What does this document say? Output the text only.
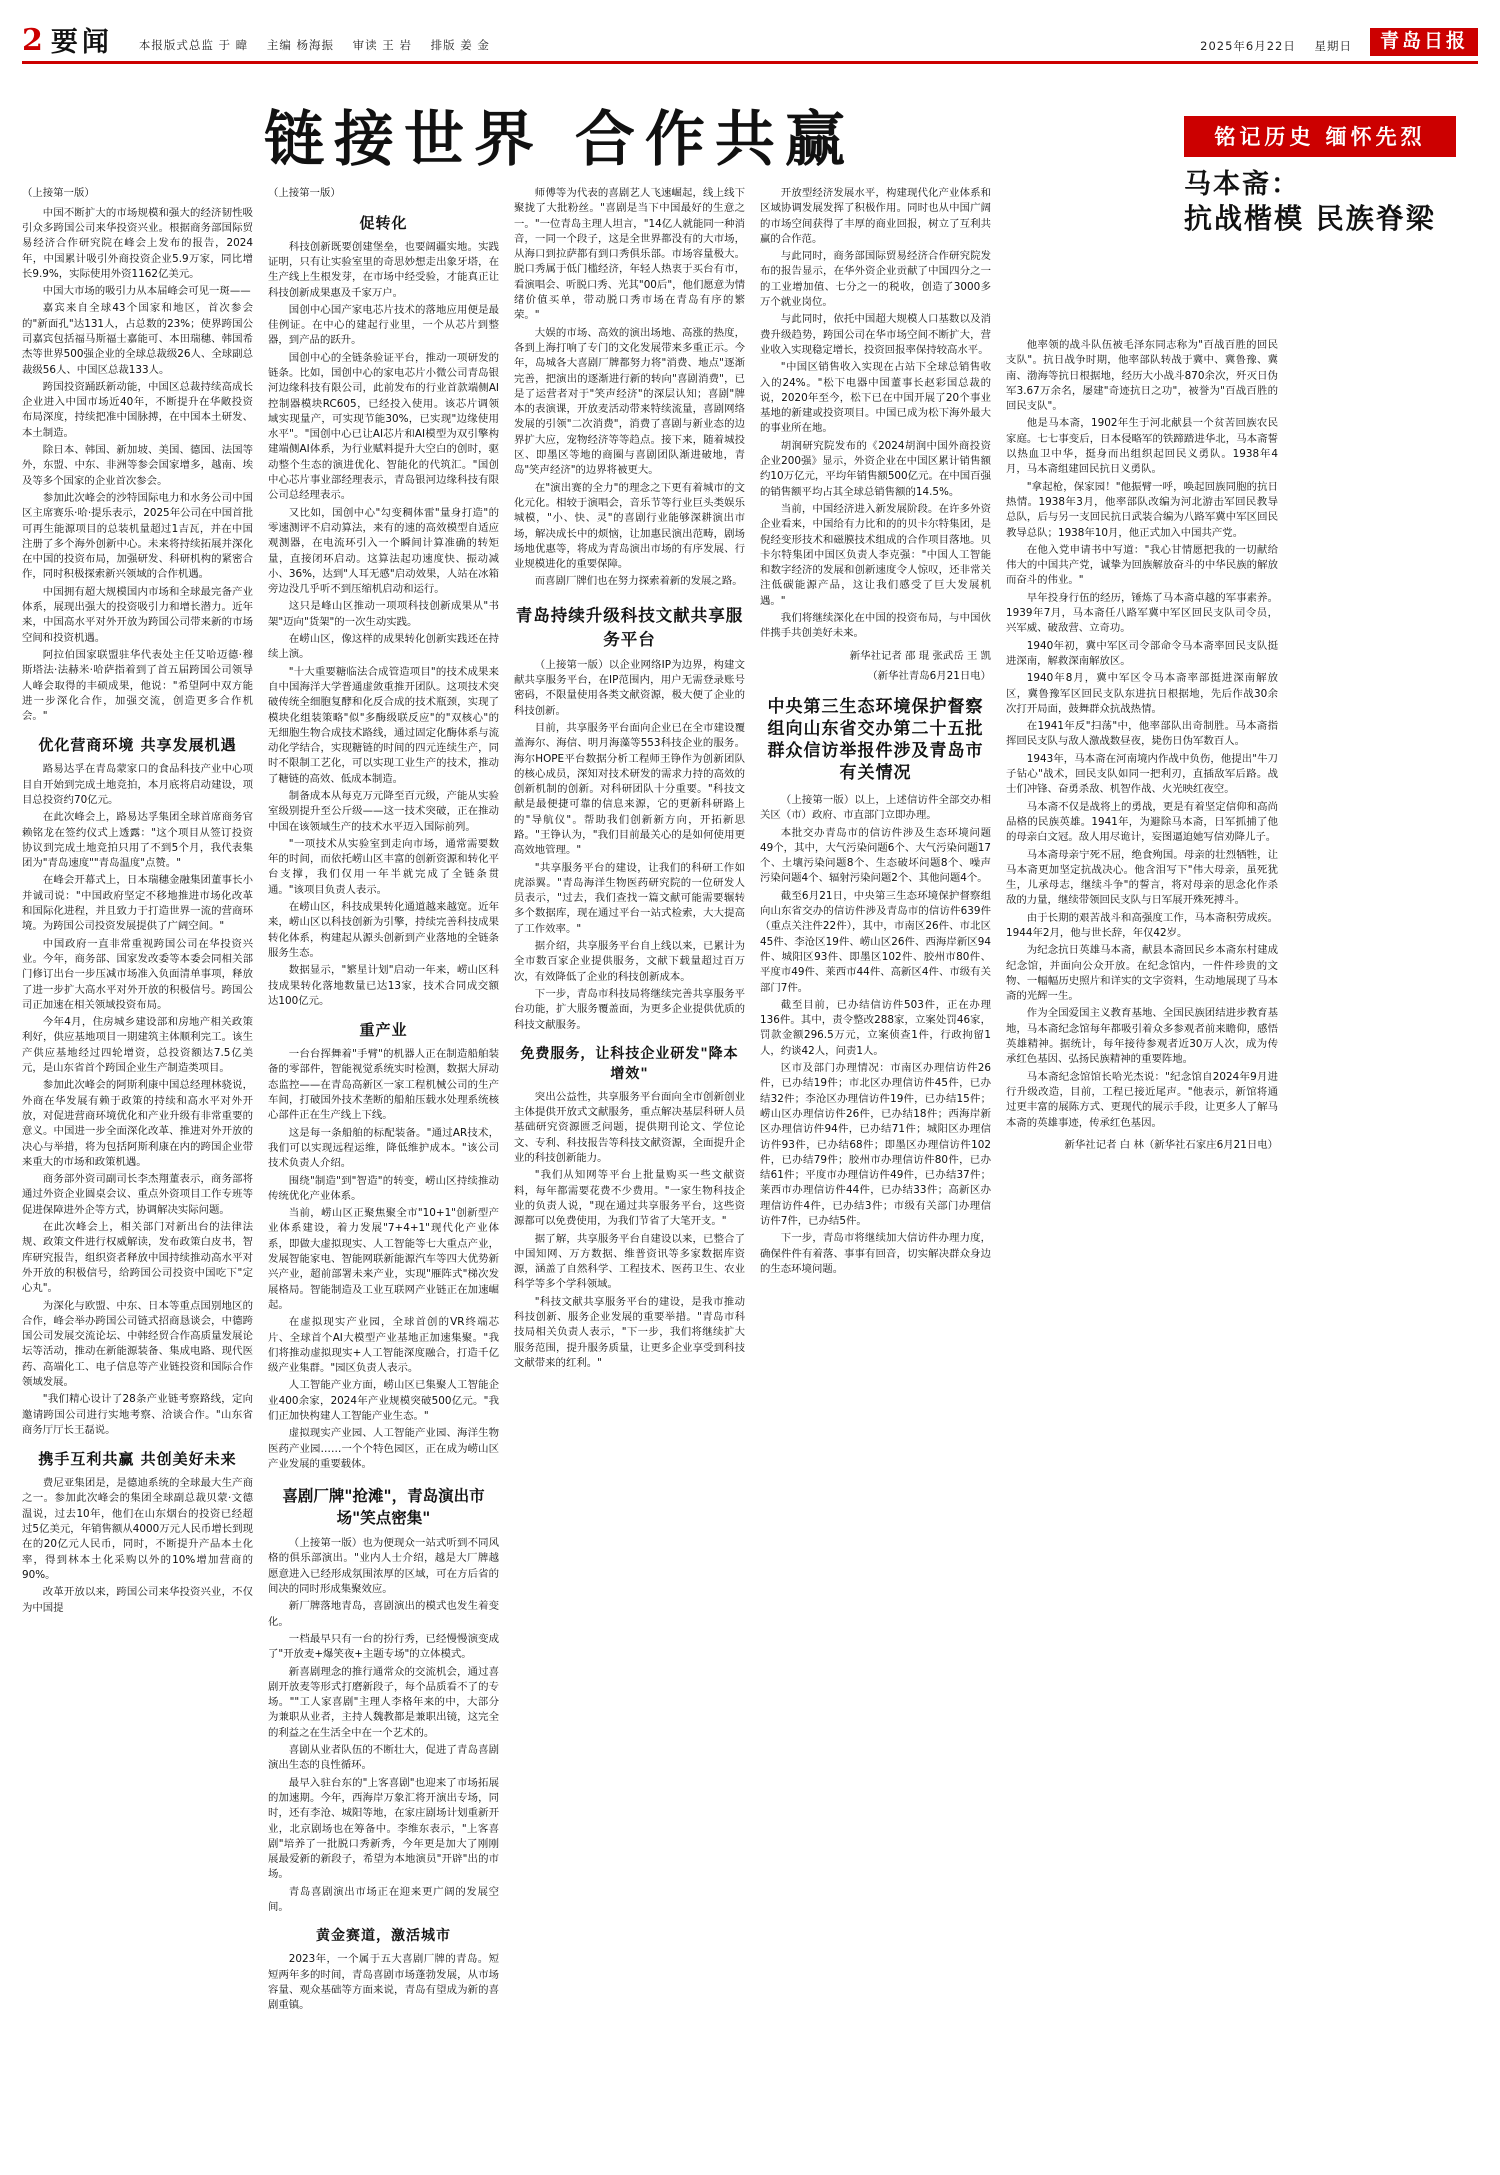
2 要闻 本报版式总监 于 暐 主编 杨海振 审读 王 岩 排版 姜 金	2025年6月22日 星期日	青岛日报
链接世界 合作共赢	铭记历史 缅怀先烈
马本斋：
抗战楷模 民族脊梁
（上接第一版）

中国不断扩大的市场规模和强大的经济韧性吸引众多跨国公司来华投资兴业。根据商务部国际贸易经济合作研究院在峰会上发布的报告，2024年，中国累计吸引外商投资企业5.9万家，同比增长9.9%，实际使用外资1162亿美元。

中国大市场的吸引力从本届峰会可见一斑——

嘉宾来自全球43个国家和地区，首次参会的"新面孔"达131人，占总数的23%；使界跨国公司嘉宾包括福马斯福士嘉能可、本田瑞穗、韩国希杰等世界500强企业的全球总裁级26人、全球副总裁级56人、中国区总裁133人。

跨国投资踊跃新动能，中国区总裁持续高成长企业进入中国市场近40年，不断提升在华敞投资布局深度，持续把准中国脉搏，在中国本土研发、本土制造。

除日本、韩国、新加坡、美国、德国、法国等外，东盟、中东、非洲等参会国家增多，越南、埃及等多个国家的企业首次参会。

参加此次峰会的沙特国际电力和水务公司中国区主席赛乐·哈·提乐表示，2025年公司在中国首批可再生能源项目的总装机量超过1吉瓦，并在中国注册了多个海外创新中心。未来将持续拓展并深化在中国的投资布局，加强研发、科研机构的紧密合作，同时积极探索新兴领域的合作机遇。

中国拥有超大规模国内市场和全球最完备产业体系，展现出强大的投资吸引力和增长潜力。近年来，中国高水平对外开放为跨国公司带来新的市场空间和投资机遇。

阿拉伯国家联盟驻华代表处主任艾哈迈德·穆斯塔法·法赫米·哈萨指着到了首五届跨国公司领导人峰会取得的丰硕成果，他说："希望阿中双方能进一步深化合作，加强交流，创造更多合作机会。"

优化营商环境 共享发展机遇

路易达孚在青岛蒙家口的食品科技产业中心项目自开始到完成土地竞拍，本月底将启动建设，项目总投资约70亿元。

在此次峰会上，路易达孚集团全球首席商务官赖铭龙在签约仪式上透露："这个项目从签订投资协议到完成土地竞拍只用了不到5个月，我代表集团为"青岛速度""青岛温度"点赞。"

在峰会开幕式上，日本瑞穗金融集团董事长小并诚司说："中国政府坚定不移地推进市场化改革和国际化进程，并且致力于打造世界一流的营商环境。为跨国公司投资发展提供了广阔空间。"

中国政府一直非常重视跨国公司在华投资兴业。今年，商务部、国家发改委等本委会同相关部门修订出台一步压减市场准入负面清单事项，释放了进一步扩大高水平对外开放的积极信号。跨国公司正加速在相关领域投资布局。

今年4月，住房城乡建设部和房地产相关政策利好，供应基地项目一期建筑主体顺利完工。该生产供应基地经过四轮增资，总投资额达7.5亿美元，是山东省首个跨国企业生产制造类项目。

参加此次峰会的阿斯利康中国总经理林骁说，外商在华发展有赖于政策的持续和高水平对外开放，对促进营商环境优化和产业升级有非常重要的意义。中国进一步全面深化改革、推进对外开放的决心与举措，将为包括阿斯利康在内的跨国企业带来重大的市场和政策机遇。

商务部外资司副司长李杰翔董表示，商务部将通过外资企业圆桌会议、重点外资项目工作专班等促进保障进外企等方式，协调解决实际问题。

在此次峰会上，相关部门对新出台的法律法规、政策文件进行权威解读，发布政策白皮书，智库研究报告，组织资者释放中国持续推动高水平对外开放的积极信号，给跨国公司投资中国吃下"定心丸"。

为深化与欧盟、中东、日本等重点国别地区的合作，峰会举办跨国公司链式招商恳谈会，中德跨国公司发展交流论坛、中韩经贸合作高质量发展论坛等活动，推动在新能源装备、集成电路、现代医药、高端化工、电子信息等产业链投资和国际合作领域发展。

"我们精心设计了28条产业链考察路线，定向邀请跨国公司进行实地考察、洽谈合作。"山东省商务厅厅长王磊说。

携手互利共赢 共创美好未来

费尼亚集团是，是德迪系统的全球最大生产商之一。参加此次峰会的集团全球副总裁贝蒙·文德温说，过去10年，他们在山东烟台的投资已经超过5亿美元，年销售额从4000万元人民币增长到现在的20亿元人民币，同时，不断提升产品本土化率，得到林本土化采购以外的10%增加营商的90%。

改革开放以来，跨国公司来华投资兴业，不仅为中国提

（上接第一版）
促转化

科技创新既要创建堡垒，也要阔疆实地。实践证明，只有让实验室里的奇思妙想走出象牙塔，在生产线上生根发芽，在市场中经受验，才能真正让科技创新成果惠及千家万户。

国创中心国产家电芯片技术的落地应用便是最佳例证。在中心的建起行业里，一个从芯片到整器，到产品的跃升。

国创中心的全链条验证平台，推动一项研发的链条。比如，国创中心的家电芯片小微公司青岛银河边缘科技有限公司，此前发布的行业首款端侧AI控制器模块RC605，已经投入使用。该芯片调领域实现量产，可实现节能30%，已实现"边缘使用水平"。"国创中心已让AI芯片和AI模型为双引擎构建端侧AI体系，为行业赋料提升大空白的创时，驱动整个生态的演进优化、智能化的代筑汇。"国创中心芯片事业部经理表示，青岛银河边缘科技有限公司总经理表示。

又比如，国创中心"勾变稠体雷"量身打造"的零速测评不启动算法，来有的速的高效模型自适应观测器，在电流环引入一个瞬间计算准确的转矩量，直接闭环启动。这算法起功速度快、振动减小、36%，达到"人耳无感"启动效果，人站在冰箱旁边没几乎听不到压缩机启动和运行。

这只是峰山区推动一项项科技创新成果从"书架"迈向"货架"的一次生动实践。

在崂山区，像这样的成果转化创新实践还在持续上演。

"十大重要糖临法合成管造项目"的技术成果来自中国海洋大学普通虚敛重推开团队。这项技术突破传统全细胞复酵和化反合成的技术瓶颈，实现了模块化组装策略"似"多酶级联反应"的"双核心"的无细胞生物合成技术路线，通过固定化酶体系与流动化学结合，实现糖链的时间的四元连续生产，同时不限制工艺化，可以实现工业生产的技术，推动了糖链的高效、低成本制造。

制备成本从每克万元降至百元级，产能从实验室级别提升至公斤级——这一技术突破，正在推动中国在该领域生产的技术水平迈入国际前列。

"一项技术从实验室到走向市场，通常需要数年的时间，而依托崂山区丰富的创新资源和转化平台支撑，我们仅用一年半就完成了全链条贯通。"该项目负责人表示。

在崂山区，科技成果转化通道越来越宽。近年来，崂山区以科技创新为引擎，持续完善科技成果转化体系，构建起从源头创新到产业落地的全链条服务生态。

数据显示，"繁星计划"启动一年来，崂山区科技成果转化落地数量已达13家，技术合同成交额达100亿元。

重产业

一台台挥舞着"手臂"的机器人正在制造船舶装备的零部件，智能视觉系统实时检测，数据大屏动态监控——在青岛高新区一家工程机械公司的生产车间，打破国外技术垄断的船舶压载水处理系统核心部件正在生产线上下线。

这是每一条船舶的标配装备。"通过AR技术，我们可以实现远程运维，降低维护成本。"该公司技术负责人介绍。

围绕"制造"到"智造"的转变，崂山区持续推动传统优化产业体系。

当前，崂山区正聚焦聚全市"10+1"创新型产业体系建设，着力发展"7+4+1"现代化产业体系，即做大虚拟现实、人工智能等七大重点产业，发展智能家电、智能网联新能源汽车等四大优势新兴产业，超前部署未来产业，实现"雁阵式"梯次发展格局。智能制造及工业互联网产业链正在加速崛起。

在虚拟现实产业园，全球首创的VR终端芯片、全球首个AI大模型产业基地正加速集聚。"我们将推动虚拟现实+人工智能深度融合，打造千亿级产业集群。"园区负责人表示。

人工智能产业方面，崂山区已集聚人工智能企业400余家，2024年产业规模突破500亿元。"我们正加快构建人工智能产业生态。"

虚拟现实产业园、人工智能产业园、海洋生物医药产业园……一个个特色园区，正在成为崂山区产业发展的重要载体。

喜剧厂牌"抢滩"，青岛演出市场"笑点密集"

（上接第一版）也为便现众一站式听到不同风格的俱乐部演出。"业内人士介绍，越是大厂牌越愿意进入已经形成氛围浓厚的区域，可在方后省的间决的同时形成集聚效应。

新厂牌落地青岛，喜剧演出的模式也发生着变化。

一档最早只有一台的扮行秀，已经慢慢演变成了"开放麦+爆笑夜+主题专场"的立体模式。

新喜剧理念的推行通常众的交流机会，通过喜剧开放麦等形式打磨新段子，每个品质看不了的专场。""工人家喜剧"主理人李格年来的中，大部分为兼职从业者，主持人魏教都是兼职出镜，这完全的利益之在生活全中在一个艺术的。

喜剧从业者队伍的不断壮大，促进了青岛喜剧演出生态的良性循环。

最早入驻台东的"上客喜剧"也迎来了市场拓展的加速期。今年，西海岸万象汇将开演出专场，同时，还有李沧、城阳等地，在家庄剧场计划重新开业，北京剧场也在筹备中。李维东表示，"上客喜剧"培养了一批脱口秀新秀，今年更是加大了刚刚展最爱新的新段子，希望为本地演员"开辟"出的市场。

青岛喜剧演出市场正在迎来更广阔的发展空间。

黄金赛道，激活城市

2023年，一个属于五大喜剧厂牌的青岛。短短两年多的时间，青岛喜剧市场蓬勃发展，从市场容量、观众基础等方面来说，青岛有望成为新的喜剧重镇。

师傅等为代表的喜剧艺人飞速崛起，线上线下聚拢了大批粉丝。"喜剧是当下中国最好的生意之一。"一位青岛主理人坦言，"14亿人就能同一种消音，一同一个段子，这是全世界都没有的大市场，从海口到拉萨都有到口秀俱乐部。市场容量极大。脱口秀属于低门槛经济，年轻人热衷于买台有市，看演唱会、听脱口秀、光其"00后"，他们愿意为情绪价值买单，带动脱口秀市场在青岛有序的繁荣。"

大娱的市场、高效的演出场地、高涨的热度，各到上海打响了专门的文化发展带来多重正示。今年，岛城各大喜剧厂牌都努力将"消费、地点"逐渐完善，把演出的逐渐进行新的转向"喜剧消费"，已是了运营者对于"笑声经济"的深层认知；喜剧"牌本的表演课，开放麦活动带来特续流量，喜剧网络发展的引领"二次消费"，消费了喜剧与新业态的边界扩大应，宠物经济等等趋点。接下来，随着城投区、即墨区等地的商圈与喜剧团队渐进破地，青岛"笑声经济"的边界将被更大。

在"演出赛的全力"的理念之下更有着城市的文化元化。相较于演唱会，音乐节等行业巨头类娱乐城模，"小、快、灵"的喜剧行业能够深耕演出市场，解决成长中的烦恼，让加惠民演出范畴，剧场场地优惠等，将成为青岛演出市场的有序发展、行业规模进化的重要保障。

而喜剧厂牌们也在努力探索着新的发展之路。

青岛持续升级科技文献共享服务平台

（上接第一版）以企业网络IP为边界，构建文献共享服务平台，在IP范围内，用户无需登录账号密码，不限量使用各类文献资源，极大便了企业的科技创新。

目前，共享服务平台面向企业已在全市建设覆盖海尔、海信、明月海藻等553科技企业的服务。海尔HOPE平台数据分析工程师王铮作为创新团队的核心成员，深知对技术研发的需求力持的高效的创新机制的创新。对科研团队十分重要。"科技文献是最便捷可靠的信息来源，它的更新科研路上的"导航仪"。帮助我们创新新方向，开拓新思路。"王铮认为，"我们目前最关心的是如何使用更高效地管理。"

"共享服务平台的建设，让我们的科研工作如虎添翼。"青岛海洋生物医药研究院的一位研发人员表示，"过去，我们查找一篇文献可能需要辗转多个数据库，现在通过平台一站式检索，大大提高了工作效率。"

据介绍，共享服务平台自上线以来，已累计为全市数百家企业提供服务，文献下载量超过百万次，有效降低了企业的科技创新成本。

下一步，青岛市科技局将继续完善共享服务平台功能，扩大服务覆盖面，为更多企业提供优质的科技文献服务。

免费服务，让科技企业研发"降本增效"

突出公益性，共享服务平台面向全市创新创业主体提供开放式文献服务，重点解决基层科研人员基础研究资源匮乏问题，提供期刊论文、学位论文、专利、科技报告等科技文献资源，全面提升企业的科技创新能力。

"我们从知网等平台上批量购买一些文献资料，每年都需要花费不少费用。"一家生物科技企业的负责人说，"现在通过共享服务平台，这些资源都可以免费使用，为我们节省了大笔开支。"

据了解，共享服务平台自建设以来，已整合了中国知网、万方数据、维普资讯等多家数据库资源，涵盖了自然科学、工程技术、医药卫生、农业科学等多个学科领域。

"科技文献共享服务平台的建设，是我市推动科技创新、服务企业发展的重要举措。"青岛市科技局相关负责人表示，"下一步，我们将继续扩大服务范围，提升服务质量，让更多企业享受到科技文献带来的红利。"

开放型经济发展水平，构建现代化产业体系和区域协调发展发挥了积极作用。同时也从中国广阔的市场空间获得了丰厚的商业回报，树立了互利共赢的合作范。

与此同时，商务部国际贸易经济合作研究院发布的报告显示，在华外资企业贡献了中国四分之一的工业增加值、七分之一的税收，创造了3000多万个就业岗位。

与此同时，依托中国超大规模人口基数以及消费升级趋势，跨国公司在华市场空间不断扩大，营业收入实现稳定增长，投资回报率保持较高水平。

"中国区销售收入实现在占站下全球总销售收入的24%。"松下电器中国董事长赵彩国总裁的说，2020年至今，松下已在中国开展了20个事业基地的新建或投资项目。中国已成为松下海外最大的事业所在地。

胡润研究院发布的《2024胡润中国外商投资企业200强》显示，外资企业在中国区累计销售额约10万亿元，平均年销售额500亿元。在中国百强的销售额平均占其全球总销售额的14.5%。

当前，中国经济进入新发展阶段。在许多外资企业看来，中国给有力比和的的贝卡尔特集团，是倪经变形技术和磁膜技术组成的合作项目落地。贝卡尔特集团中国区负责人李克强："中国人工智能和数字经济的发展和创新速度令人惊叹，还非常关注低碳能源产品，这让我们感受了巨大发展机遇。"

我们将继续深化在中国的投资布局，与中国伙伴携手共创美好未来。

新华社记者 邵 琨 张武岳 王 凯
（新华社青岛6月21日电）
中央第三生态环境保护督察组向山东省交办第二十五批群众信访举报件涉及青岛市有关情况

（上接第一版）以上，上述信访件全部交办相关区（市）政府、市直部门立即办理。

本批交办青岛市的信访件涉及生态环境问题49个，其中，大气污染问题6个、大气污染问题17个、土壤污染问题8个、生态破坏问题8个、噪声污染问题4个、辐射污染问题2个、其他问题4个。

截至6月21日，中央第三生态环境保护督察组向山东省交办的信访件涉及青岛市的信访件639件（重点关注件22件），其中，市南区26件、市北区45件、李沧区19件、崂山区26件、西海岸新区94件、城阳区93件、即墨区102件、胶州市80件、平度市49件、莱西市44件、高新区4件、市级有关部门7件。

截至目前，已办结信访件503件，正在办理136件。其中，责令整改288家，立案处罚46家，罚款金额296.5万元，立案侦查1件，行政拘留1人，约谈42人，问责1人。

区市及部门办理情况：市南区办理信访件26件，已办结19件；市北区办理信访件45件，已办结32件；李沧区办理信访件19件，已办结15件；崂山区办理信访件26件，已办结18件；西海岸新区办理信访件94件，已办结71件；城阳区办理信访件93件，已办结68件；即墨区办理信访件102件，已办结79件；胶州市办理信访件80件，已办结61件；平度市办理信访件49件，已办结37件；莱西市办理信访件44件，已办结33件；高新区办理信访件4件，已办结3件；市级有关部门办理信访件7件，已办结5件。

下一步，青岛市将继续加大信访件办理力度，确保件件有着落、事事有回音，切实解决群众身边的生态环境问题。

他率领的战斗队伍被毛泽东同志称为"百战百胜的回民支队"。抗日战争时期，他率部队转战于冀中、冀鲁豫、冀南、渤海等抗日根据地，经历大小战斗870余次，歼灭日伪军3.67万余名，屡建"奇迹抗日之功"，被誉为"百战百胜的回民支队"。

他是马本斋，1902年生于河北献县一个贫苦回族农民家庭。七七事变后，日本侵略军的铁蹄踏进华北，马本斋誓以热血卫中华，挺身而出组织起回民义勇队。1938年4月，马本斋组建回民抗日义勇队。

"拿起枪，保家园！"他振臂一呼，唤起回族同胞的抗日热情。1938年3月，他率部队改编为河北游击军回民教导总队，后与另一支回民抗日武装合编为八路军冀中军区回民教导总队；1938年10月，他正式加入中国共产党。

在他入党申请书中写道："我心甘情愿把我的一切献给伟大的中国共产党，诚挚为回族解放奋斗的中华民族的解放而奋斗的伟业。"

早年投身行伍的经历，锤炼了马本斋卓越的军事素养。1939年7月，马本斋任八路军冀中军区回民支队司令员，兴军威、破敌营、立奇功。

1940年初，冀中军区司令部命令马本斋率回民支队挺进深南，解救深南解放区。

1940年8月，冀中军区令马本斋率部挺进深南解放区，冀鲁豫军区回民支队东进抗日根据地，先后作战30余次打开局面，鼓舞群众抗战热情。

在1941年反"扫荡"中，他率部队出奇制胜。马本斋指挥回民支队与敌人激战数昼夜，毙伤日伪军数百人。

1943年，马本斋在河南境内作战中负伤，他提出"牛刀子钻心"战术，回民支队如同一把利刃，直插敌军后路。战士们冲锋、奋勇杀敌、机智作战、火光映红夜空。

马本斋不仅是战将上的勇战，更是有着坚定信仰和高尚品格的民族英雄。1941年，为避除马本斋，日军抓捕了他的母亲白文冠。敌人用尽诡计，妄图逼迫她写信劝降儿子。

马本斋母亲宁死不屈，绝食殉国。母亲的壮烈牺牲，让马本斋更加坚定抗战决心。他含泪写下"伟大母亲，虽死犹生，儿承母志，继续斗争"的誓言，将对母亲的思念化作杀敌的力量，继续带领回民支队与日军展开殊死搏斗。

由于长期的艰苦战斗和高强度工作，马本斋积劳成疾。1944年2月，他与世长辞，年仅42岁。

为纪念抗日英雄马本斋，献县本斋回民乡本斋东村建成纪念馆，并面向公众开放。在纪念馆内，一件件珍贵的文物、一幅幅历史照片和详实的文字资料，生动地展现了马本斋的光辉一生。

作为全国爱国主义教育基地、全国民族团结进步教育基地，马本斋纪念馆每年都吸引着众多参观者前来瞻仰，感悟英雄精神。据统计，每年接待参观者近30万人次，成为传承红色基因、弘扬民族精神的重要阵地。

马本斋纪念馆馆长哈光杰说："纪念馆自2024年9月进行升级改造，目前，工程已接近尾声。"他表示，新馆将通过更丰富的展陈方式、更现代的展示手段，让更多人了解马本斋的英雄事迹，传承红色基因。

新华社记者 白 林（新华社石家庄6月21日电）
